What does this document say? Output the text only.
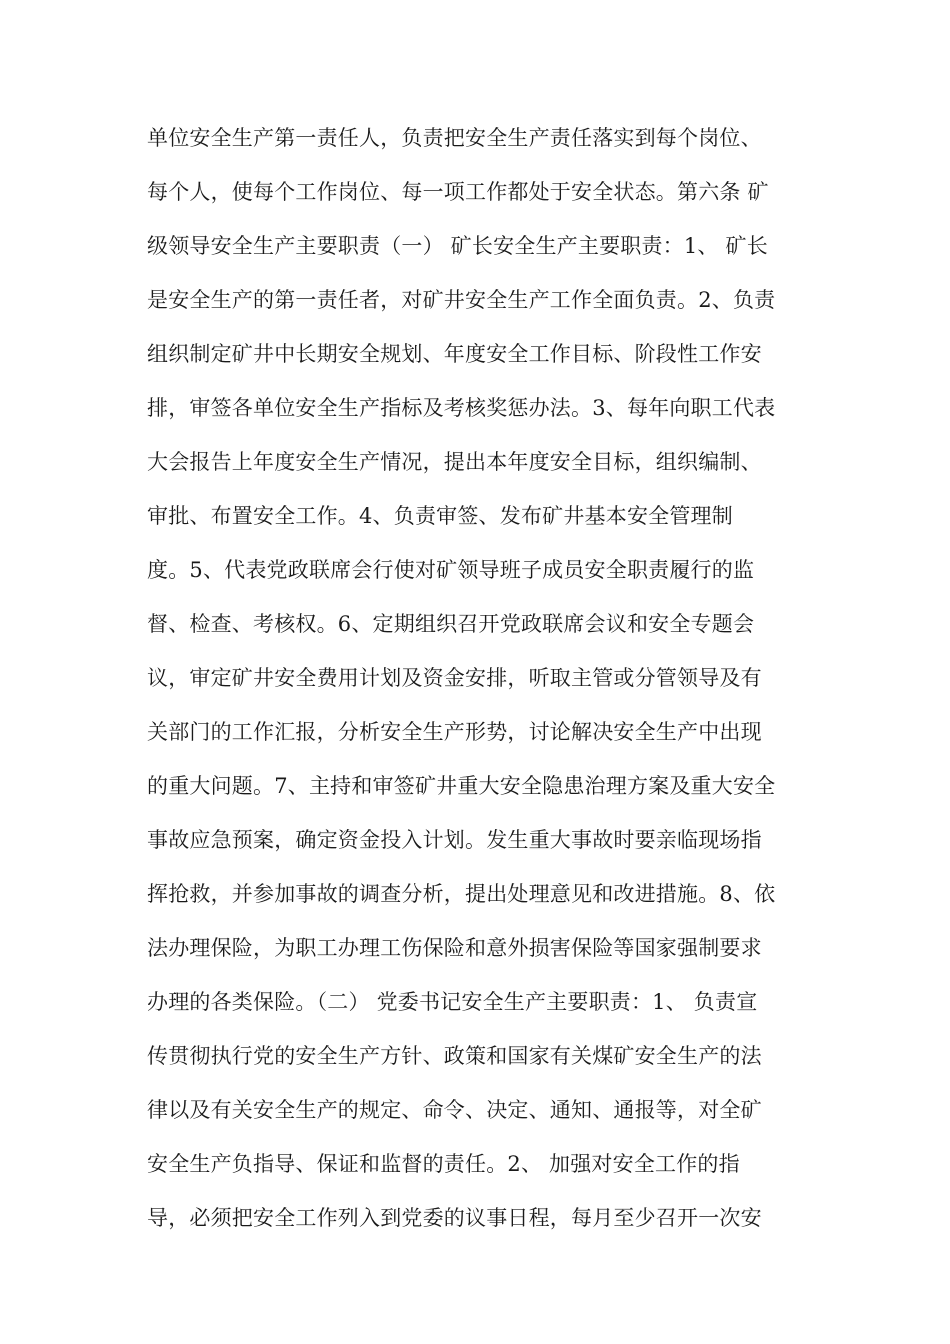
单位安全生产第一责任人，负责把安全生产责任落实到每个岗位、
每个人，使每个工作岗位、每一项工作都处于安全状态。第六条 矿
级领导安全生产主要职责（一） 矿长安全生产主要职责：1、 矿长
是安全生产的第一责任者，对矿井安全生产工作全面负责。2、负责
组织制定矿井中长期安全规划、年度安全工作目标、阶段性工作安
排，审签各单位安全生产指标及考核奖惩办法。3、每年向职工代表
大会报告上年度安全生产情况，提出本年度安全目标，组织编制、
审批、布置安全工作。4、负责审签、发布矿井基本安全管理制
度。5、代表党政联席会行使对矿领导班子成员安全职责履行的监
督、检查、考核权。6、定期组织召开党政联席会议和安全专题会
议，审定矿井安全费用计划及资金安排，听取主管或分管领导及有
关部门的工作汇报，分析安全生产形势，讨论解决安全生产中出现
的重大问题。7、主持和审签矿井重大安全隐患治理方案及重大安全
事故应急预案，确定资金投入计划。发生重大事故时要亲临现场指
挥抢救，并参加事故的调查分析，提出处理意见和改进措施。8、依
法办理保险，为职工办理工伤保险和意外损害保险等国家强制要求
办理的各类保险。（二） 党委书记安全生产主要职责：1、 负责宣
传贯彻执行党的安全生产方针、政策和国家有关煤矿安全生产的法
律以及有关安全生产的规定、命令、决定、通知、通报等，对全矿
安全生产负指导、保证和监督的责任。2、 加强对安全工作的指
导，必须把安全工作列入到党委的议事日程，每月至少召开一次安
